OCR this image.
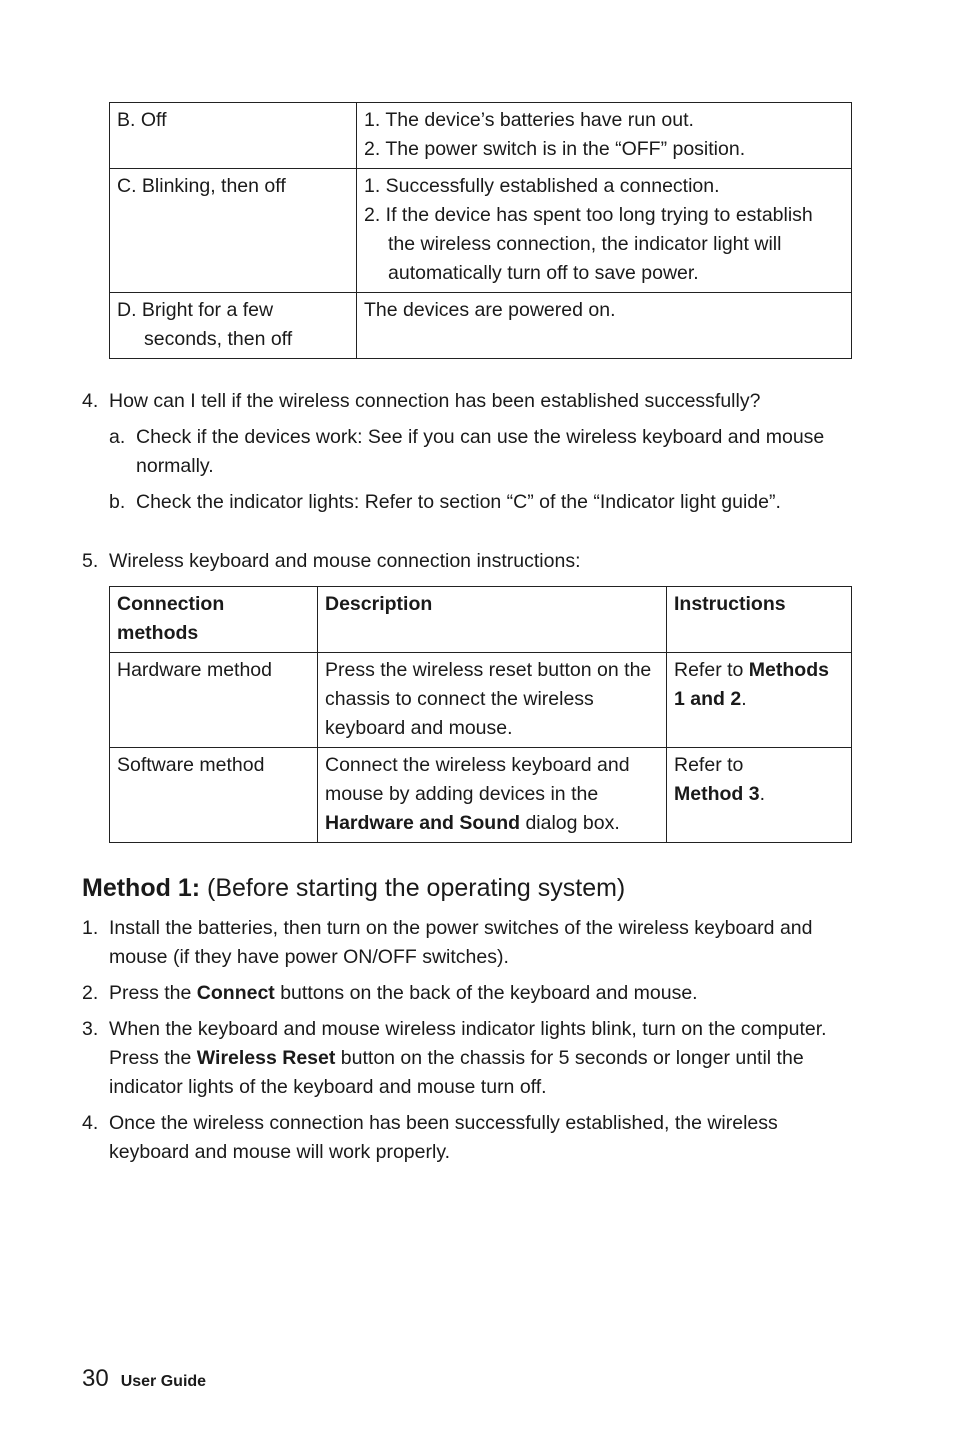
B. Off	1. The device’s batteries have run out.
2. The power switch is in the “OFF” position.

C. Blinking, then off	1. Successfully established a connection.
2. If the device has spent too long trying to establish the wireless connection, the indicator light will automatically turn off to save power.

D. Bright for a few seconds, then off	The devices are powered on.
4. How can I tell if the wireless connection has been established successfully?
a. Check if the devices work: See if you can use the wireless keyboard and mouse normally.
b. Check the indicator lights: Refer to section “C” of the “Indicator light guide”.
5. Wireless keyboard and mouse connection instructions:
Connection methods	Description	Instructions
Hardware method	Press the wireless reset button on the chassis to connect the wireless keyboard and mouse.	Refer to Methods 1 and 2.
Software method	Connect the wireless keyboard and mouse by adding devices in the Hardware and Sound dialog box.	Refer to
Method 3.
Method 1: (Before starting the operating system)
1. Install the batteries, then turn on the power switches of the wireless keyboard and mouse (if they have power ON/OFF switches).
2. Press the Connect buttons on the back of the keyboard and mouse.
3. When the keyboard and mouse wireless indicator lights blink, turn on the computer. Press the Wireless Reset button on the chassis for 5 seconds or longer until the indicator lights of the keyboard and mouse turn off.
4. Once the wireless connection has been successfully established, the wireless keyboard and mouse will work properly.
30 User Guide
